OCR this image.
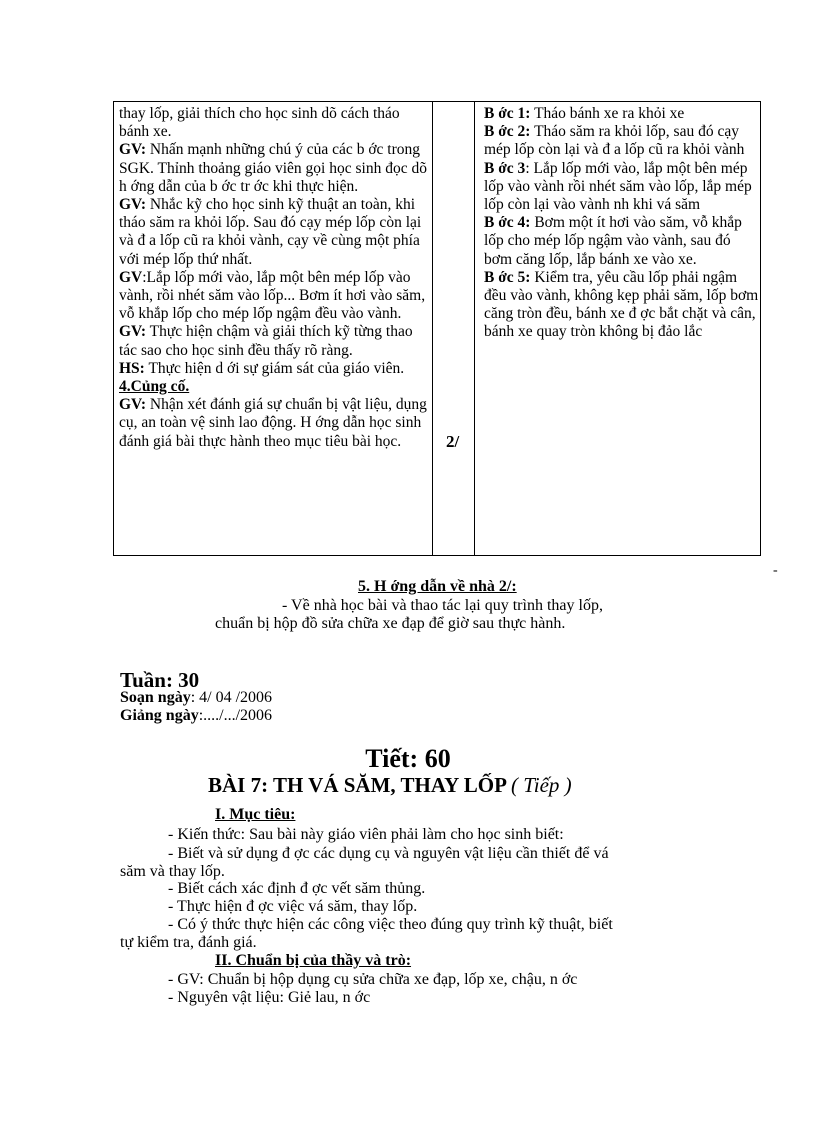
thay lốp, giải thích cho học sinh dõ cách tháo bánh xe.

GV: Nhấn mạnh những chú ý của các b ớc trong SGK. Thỉnh thoảng giáo viên gọi học sinh đọc dõ h ớng dẫn của b ớc tr ớc khi thực hiện.

GV: Nhắc kỹ cho học sinh kỹ thuật an toàn, khi tháo săm ra khỏi lốp. Sau đó cạy mép lốp còn lại và đ a lốp cũ ra khỏi vành, cạy về cùng một phía với mép lốp thứ nhất.

GV:Lắp lốp mới vào, lắp một bên mép lốp vào vành, rồi nhét săm vào lốp... Bơm ít hơi vào săm, vỗ khắp lốp cho mép lốp ngậm đều vào vành.

GV: Thực hiện chậm và giải thích kỹ từng thao tác sao cho học sinh đều thấy rõ ràng.

HS: Thực hiện d ới sự giám sát của giáo viên.

4.Củng cố.

GV: Nhận xét đánh giá sự chuẩn bị vật liệu, dụng cụ, an toàn vệ sinh lao động. H ớng dẫn học sinh đánh giá bài thực hành theo mục tiêu bài học.	2/

B ớc 1: Tháo bánh xe ra khỏi xe

B ớc 2: Tháo săm ra khỏi lốp, sau đó cạy mép lốp còn lại và đ a lốp cũ ra khỏi vành

B ớc 3: Lắp lốp mới vào, lắp một bên mép lốp vào vành rồi nhét săm vào lốp, lắp mép lốp còn lại vào vành nh khi vá săm

B ớc 4: Bơm một ít hơi vào săm, vỗ khắp lốp cho mép lốp ngậm vào vành, sau đó bơm căng lốp, lắp bánh xe vào xe.

B ớc 5: Kiểm tra, yêu cầu lốp phải ngậm đều vào vành, không kẹp phải săm, lốp bơm căng tròn đều, bánh xe đ ợc bắt chặt và cân, bánh xe quay tròn không bị đảo lắc

5. H ớng dẫn về nhà 2/:
- Về nhà học bài và thao tác lại quy trình thay lốp,
chuẩn bị hộp đồ sửa chữa xe đạp để giờ sau thực hành.
-
Tuần: 30
Soạn ngày: 4/ 04 /2006
Giảng ngày:..../.../2006
Tiết: 60
BÀI 7: TH VÁ SĂM, THAY LỐP ( Tiếp )
I. Mục tiêu:
- Kiến thức: Sau bài này giáo viên phải làm cho học sinh biết:
- Biết và sử dụng đ ợc các dụng cụ và nguyên vật liệu cần thiết để vá
săm và thay lốp.
- Biết cách xác định đ ợc vết săm thủng.
- Thực hiện đ ợc việc vá săm, thay lốp.
- Có ý thức thực hiện các công việc theo đúng quy trình kỹ thuật, biết
tự kiểm tra, đánh giá.
II. Chuẩn bị của thầy và trò:
- GV: Chuẩn bị hộp dụng cụ sửa chữa xe đạp, lốp xe, chậu, n ớc
- Nguyên vật liệu: Giẻ lau, n ớc
